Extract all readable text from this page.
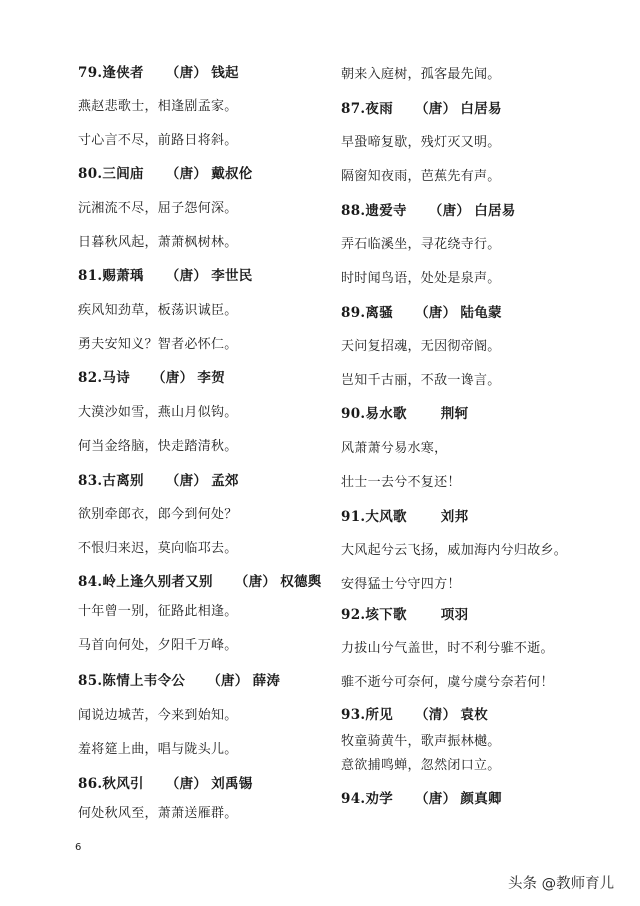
79.逢侠者 （唐） 钱起
燕赵悲歌士，相逢剧孟家。
寸心言不尽，前路日将斜。
80.三闾庙 （唐） 戴叔伦
沅湘流不尽，屈子怨何深。
日暮秋风起，萧萧枫树林。
81.赐萧瑀 （唐） 李世民
疾风知劲草，板荡识诚臣。
勇夫安知义？智者必怀仁。
82.马诗 （唐） 李贺
大漠沙如雪，燕山月似钩。
何当金络脑，快走踏清秋。
83.古离别 （唐） 孟郊
欲别牵郎衣，郎今到何处？
不恨归来迟，莫向临邛去。
84.岭上逢久别者又别 （唐） 权德舆
十年曾一别，征路此相逢。
马首向何处，夕阳千万峰。
85.陈情上韦令公 （唐） 薛涛
闻说边城苦，今来到始知。
羞将筵上曲，唱与陇头儿。
86.秋风引 （唐） 刘禹锡
何处秋风至，萧萧送雁群。
朝来入庭树，孤客最先闻。
87.夜雨 （唐） 白居易
早蛩啼复歇，残灯灭又明。
隔窗知夜雨，芭蕉先有声。
88.遗爱寺 （唐） 白居易
弄石临溪坐，寻花绕寺行。
时时闻鸟语，处处是泉声。
89.离骚 （唐） 陆龟蒙
天问复招魂，无因彻帝阍。
岂知千古丽，不敌一谗言。
90.易水歌	荆轲
风萧萧兮易水寒，
壮士一去兮不复还！
91.大风歌	刘邦
大风起兮云飞扬，威加海内兮归故乡。
安得猛士兮守四方！
92.垓下歌	项羽
力拔山兮气盖世，时不利兮骓不逝。
骓不逝兮可奈何，虞兮虞兮奈若何！
93.所见 （清） 袁枚
牧童骑黄牛，歌声振林樾。
意欲捕鸣蝉，忽然闭口立。
94.劝学 （唐） 颜真卿
6
头条 @教师育儿
